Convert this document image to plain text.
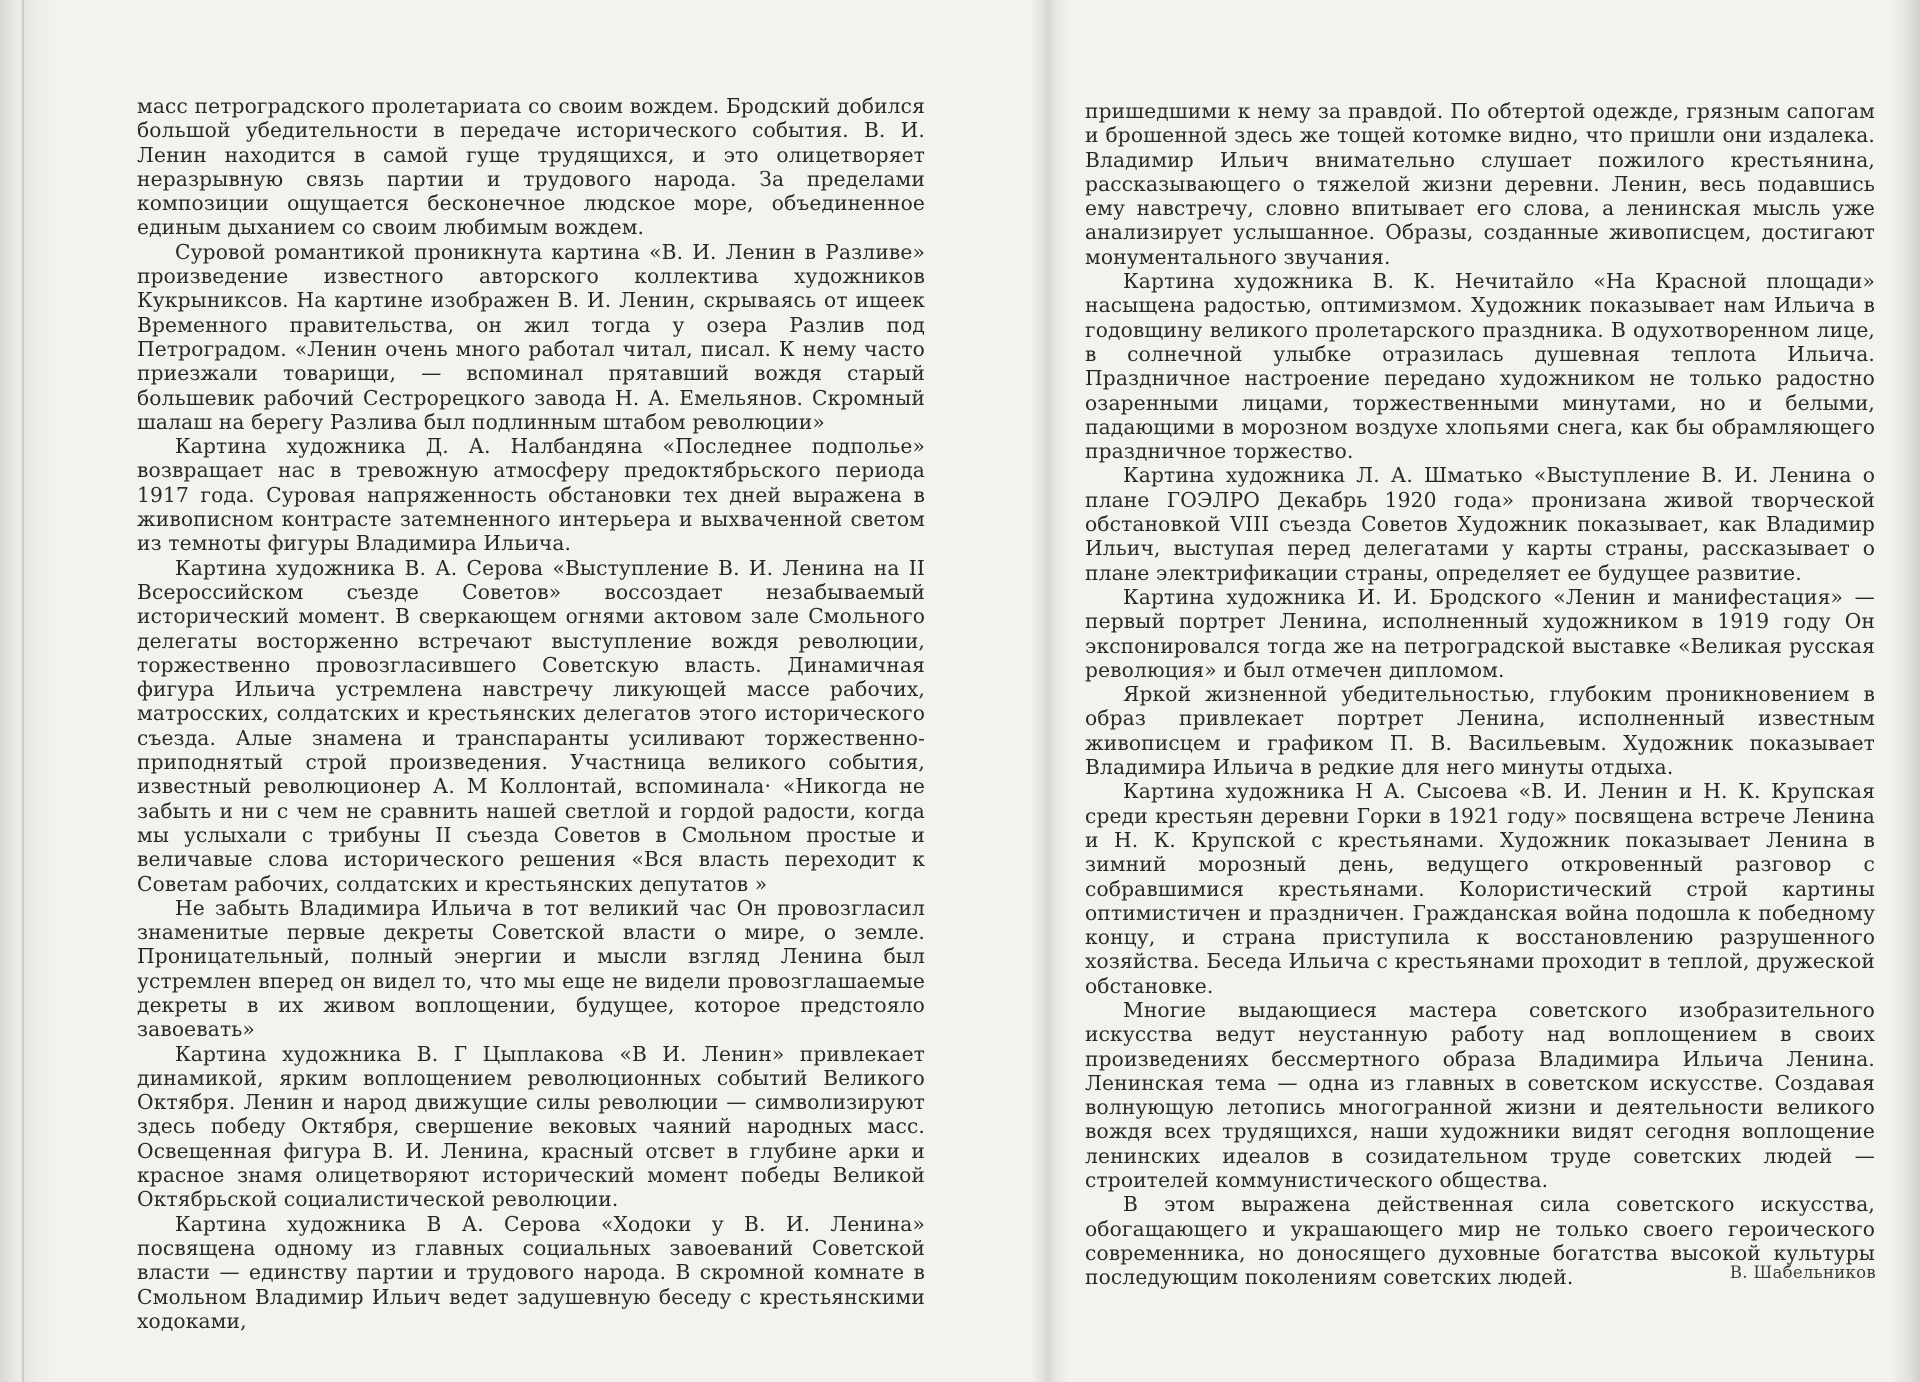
масс петроградского пролетариата со своим вождем. Бродский добился большой убедительности в передаче исторического события. В. И. Ленин находится в самой гуще трудящихся, и это олицетворяет неразрывную связь партии и трудового народа. За пределами композиции ощущается бесконечное людское море, объединенное единым дыханием со своим любимым вождем.

Суровой романтикой проникнута картина «В. И. Ленин в Разливе» произведение известного авторского коллектива художников Кукрыниксов. На картине изображен В. И. Ленин, скрываясь от ищеек Временного правительства, он жил тогда у озера Разлив под Петроградом. «Ленин очень много работал читал, писал. К нему часто приезжали товарищи, — вспоминал прятавший вождя старый большевик рабочий Сестрорецкого завода Н. А. Емельянов. Скромный шалаш на берегу Разлива был подлинным штабом революции»

Картина художника Д. А. Налбандяна «Последнее подполье» возвращает нас в тревожную атмосферу предоктябрьского периода 1917 года. Суровая напряженность обстановки тех дней выражена в живописном контрасте затемненного интерьера и выхваченной светом из темноты фигуры Владимира Ильича.

Картина художника В. А. Серова «Выступление В. И. Ленина на II Всероссийском съезде Советов» воссоздает незабываемый исторический момент. В сверкающем огнями актовом зале Смольного делегаты восторженно встречают выступление вождя революции, торжественно провозгласившего Советскую власть. Динамичная фигура Ильича устремлена навстречу ликующей массе рабочих, матросских, солдатских и крестьянских делегатов этого исторического съезда. Алые знамена и транспаранты усиливают торжественно-приподнятый строй произведения. Участница великого события, известный революционер А. М Коллонтай, вспоминала· «Никогда не забыть и ни с чем не сравнить нашей светлой и гордой радости, когда мы услыхали с трибуны II съезда Советов в Смольном простые и величавые слова исторического решения «Вся власть переходит к Советам рабочих, солдатских и крестьянских депутатов »

Не забыть Владимира Ильича в тот великий час Он провозгласил знаменитые первые декреты Советской власти о мире, о земле. Проницательный, полный энергии и мысли взгляд Ленина был устремлен вперед он видел то, что мы еще не видели провозглашаемые декреты в их живом воплощении, будущее, которое предстояло завоевать»

Картина художника В. Г Цыплакова «В И. Ленин» привлекает динамикой, ярким воплощением революционных событий Великого Октября. Ленин и народ движущие силы революции — символизируют здесь победу Октября, свершение вековых чаяний народных масс. Освещенная фигура В. И. Ленина, красный отсвет в глубине арки и красное знамя олицетворяют исторический момент победы Великой Октябрьской социалистической революции.

Картина художника В А. Серова «Ходоки у В. И. Ленина» посвящена одному из главных социальных завоеваний Советской власти — единству партии и трудового народа. В скромной комнате в Смольном Владимир Ильич ведет задушевную беседу с крестьянскими ходоками,

пришедшими к нему за правдой. По обтертой одежде, грязным сапогам и брошенной здесь же тощей котомке видно, что пришли они издалека. Владимир Ильич внимательно слушает пожилого крестьянина, рассказывающего о тяжелой жизни деревни. Ленин, весь подавшись ему навстречу, словно впитывает его слова, а ленинская мысль уже анализирует услышанное. Образы, созданные живописцем, достигают монументального звучания.

Картина художника В. К. Нечитайло «На Красной площади» насыщена радостью, оптимизмом. Художник показывает нам Ильича в годовщину великого пролетарского праздника. В одухотворенном лице, в солнечной улыбке отразилась душевная теплота Ильича. Праздничное настроение передано художником не только радостно озаренными лицами, торжественными минутами, но и белыми, падающими в морозном воздухе хлопьями снега, как бы обрамляющего праздничное торжество.

Картина художника Л. А. Шматько «Выступление В. И. Ленина о плане ГОЭЛРО Декабрь 1920 года» пронизана живой творческой обстановкой VIII съезда Советов Художник показывает, как Владимир Ильич, выступая перед делегатами у карты страны, рассказывает о плане электрификации страны, определяет ее будущее развитие.

Картина художника И. И. Бродского «Ленин и манифестация» — первый портрет Ленина, исполненный художником в 1919 году Он экспонировался тогда же на петроградской выставке «Великая русская революция» и был отмечен дипломом.

Яркой жизненной убедительностью, глубоким проникновением в образ привлекает портрет Ленина, исполненный известным живописцем и графиком П. В. Васильевым. Художник показывает Владимира Ильича в редкие для него минуты отдыха.

Картина художника Н А. Сысоева «В. И. Ленин и Н. К. Крупская среди крестьян деревни Горки в 1921 году» посвящена встрече Ленина и Н. К. Крупской с крестьянами. Художник показывает Ленина в зимний морозный день, ведущего откровенный разговор с собравшимися крестьянами. Колористический строй картины оптимистичен и праздничен. Гражданская война подошла к победному концу, и страна приступила к восстановлению разрушенного хозяйства. Беседа Ильича с крестьянами проходит в теплой, дружеской обстановке.

Многие выдающиеся мастера советского изобразительного искусства ведут неустанную работу над воплощением в своих произведениях бессмертного образа Владимира Ильича Ленина. Ленинская тема — одна из главных в советском искусстве. Создавая волнующую летопись многогранной жизни и деятельности великого вождя всех трудящихся, наши художники видят сегодня воплощение ленинских идеалов в созидательном труде советских людей — строителей коммунистического общества.

В этом выражена действенная сила советского искусства, обогащающего и украшающего мир не только своего героического современника, но доносящего духовные богатства высокой культуры последующим поколениям советских людей.	В. Шабельников
